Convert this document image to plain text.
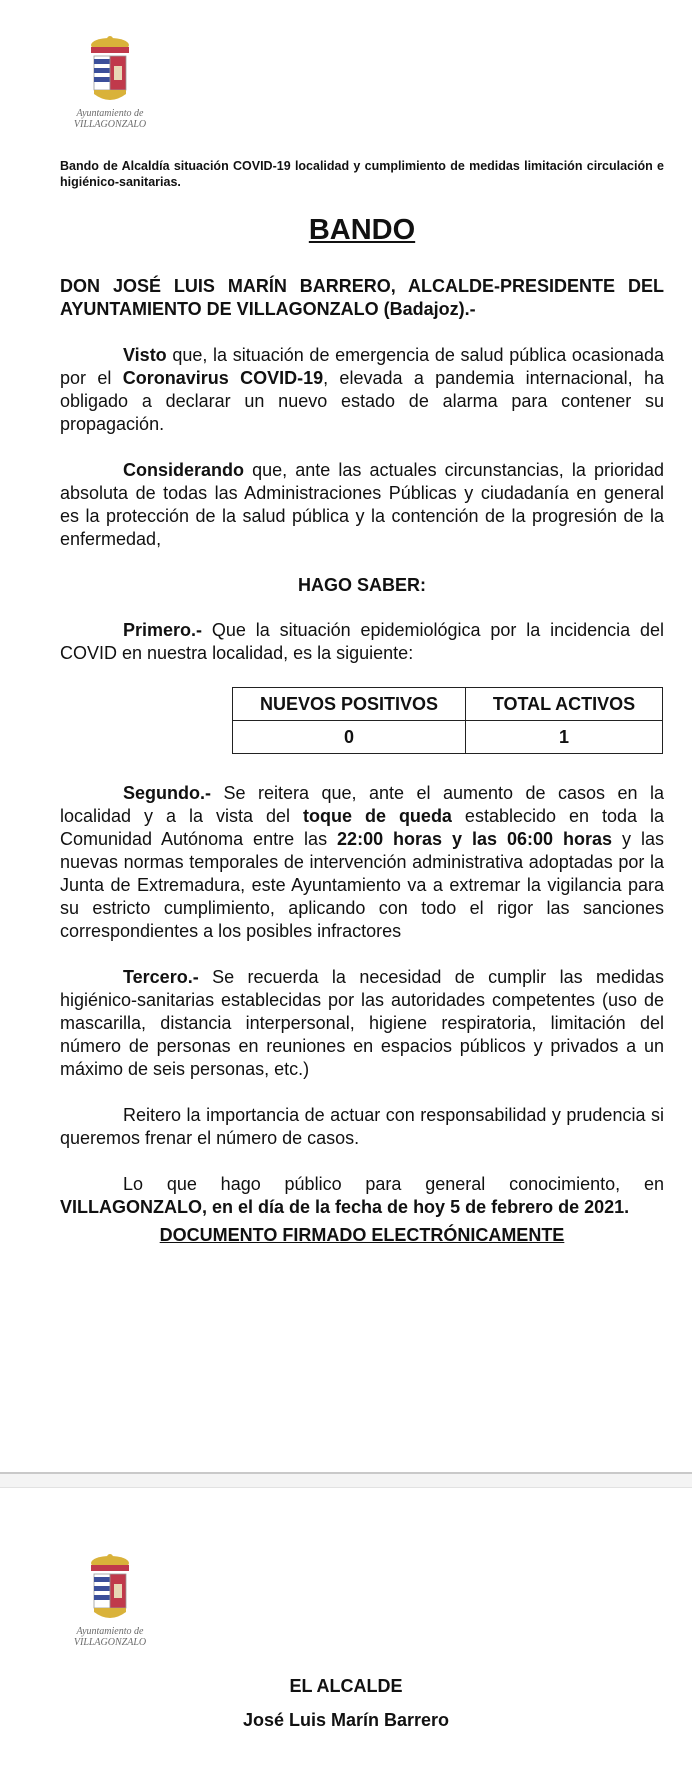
Ayuntamiento de
VILLAGONZALO
Bando de Alcaldía situación COVID-19 localidad y cumplimiento de medidas limitación circulación e higiénico-sanitarias.
BANDO
DON JOSÉ LUIS MARÍN BARRERO, ALCALDE-PRESIDENTE DEL AYUNTAMIENTO DE VILLAGONZALO (Badajoz).-
Visto que, la situación de emergencia de salud pública ocasionada por el Coronavirus COVID-19, elevada a pandemia internacional, ha obligado a declarar un nuevo estado de alarma para contener su propagación.
Considerando que, ante las actuales circunstancias, la prioridad absoluta de todas las Administraciones Públicas y ciudadanía en general es la protección de la salud pública y la contención de la progresión de la enfermedad,
HAGO SABER:
Primero.- Que la situación epidemiológica por la incidencia del COVID en nuestra localidad, es la siguiente:
NUEVOS POSITIVOS	TOTAL ACTIVOS
0	1
Segundo.- Se reitera que, ante el aumento de casos en la localidad y a la vista del toque de queda establecido en toda la Comunidad Autónoma entre las 22:00 horas y las 06:00 horas y las nuevas normas temporales de intervención administrativa adoptadas por la Junta de Extremadura, este Ayuntamiento va a extremar la vigilancia para su estricto cumplimiento, aplicando con todo el rigor las sanciones correspondientes a los posibles infractores
Tercero.- Se recuerda la necesidad de cumplir las medidas higiénico-sanitarias establecidas por las autoridades competentes (uso de mascarilla, distancia interpersonal, higiene respiratoria, limitación del número de personas en reuniones en espacios públicos y privados a un máximo de seis personas, etc.)
Reitero la importancia de actuar con responsabilidad y prudencia si queremos frenar el número de casos.
Lo que hago público para general conocimiento, en VILLAGONZALO, en el día de la fecha de hoy 5 de febrero de 2021.
DOCUMENTO FIRMADO ELECTRÓNICAMENTE
Ayuntamiento de
VILLAGONZALO
EL ALCALDE
José Luis Marín Barrero
